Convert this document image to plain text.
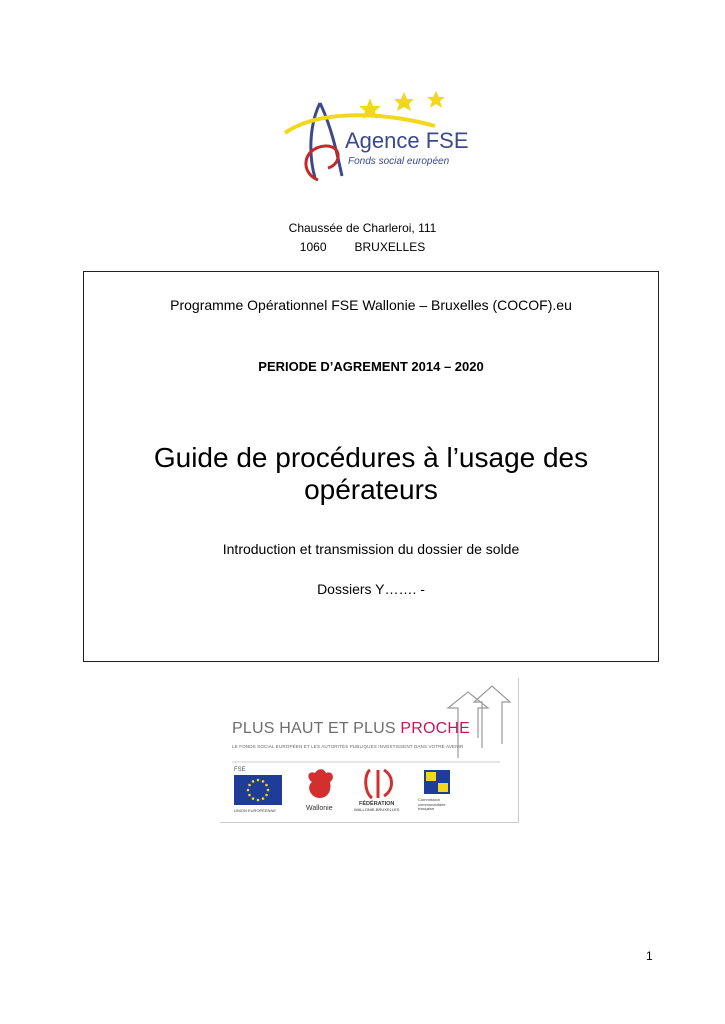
Agence FSE
Fonds social européen
Chaussée de Charleroi, 111
1060 BRUXELLES
Programme Opérationnel FSE Wallonie – Bruxelles (COCOF).eu
PERIODE D’AGREMENT 2014 – 2020
Guide de procédures à l’usage des opérateurs
Introduction et transmission du dossier de solde
Dossiers Y……. -
PLUS HAUT ET PLUS PROCHE
LE FONDS SOCIAL EUROPÉEN ET LES AUTORITÉS PUBLIQUES INVESTISSENT DANS VOTRE AVENIR
FSE
UNION EUROPÉENNE	Wallonie
FÉDÉRATION
WALLONIE-BRUXELLES
Commission
communautaire
française
1
